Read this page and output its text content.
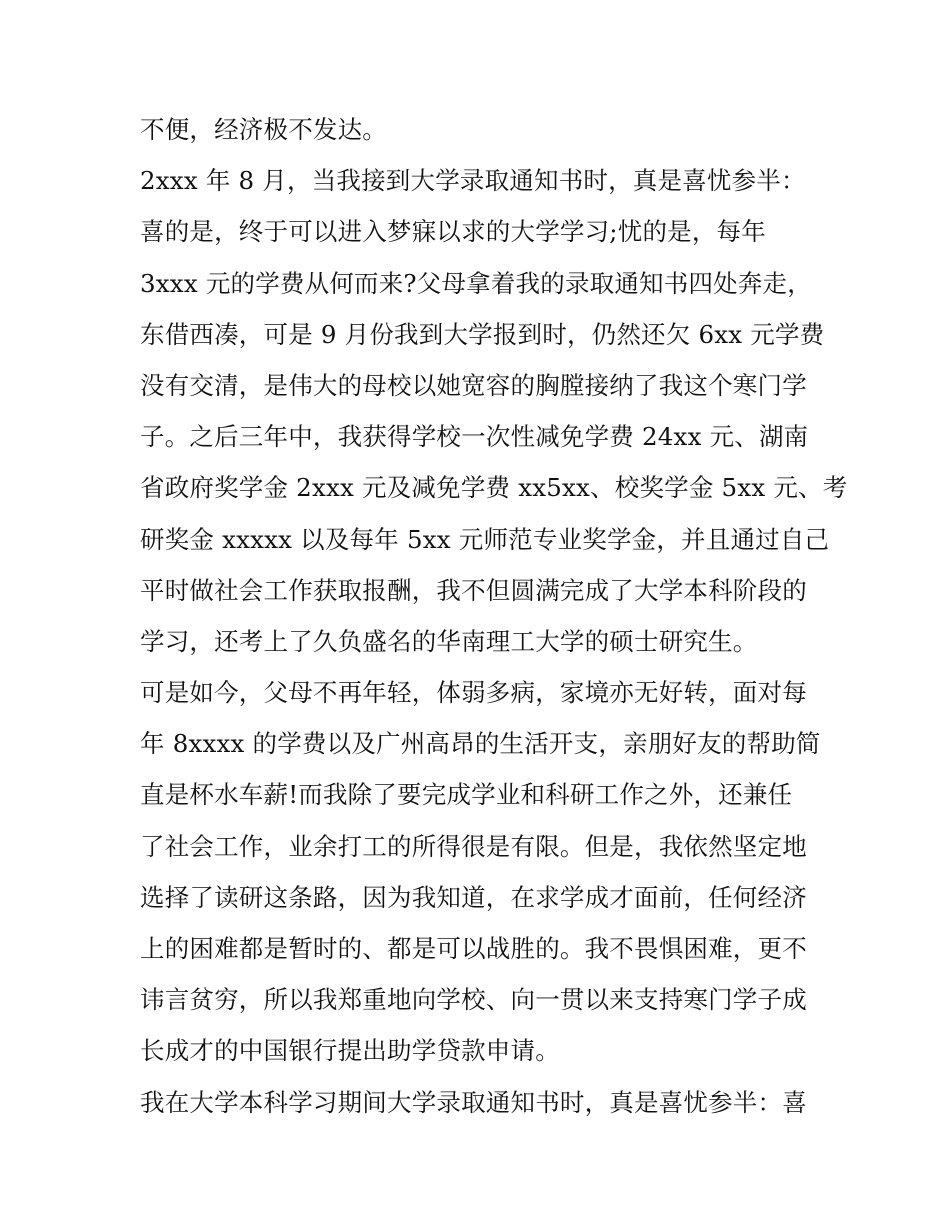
不便，经济极不发达。
2xxx 年 8 月，当我接到大学录取通知书时，真是喜忧参半：
喜的是，终于可以进入梦寐以求的大学学习;忧的是，每年
3xxx 元的学费从何而来?父母拿着我的录取通知书四处奔走，
东借西凑，可是 9 月份我到大学报到时，仍然还欠 6xx 元学费
没有交清，是伟大的母校以她宽容的胸膛接纳了我这个寒门学
子。之后三年中，我获得学校一次性减免学费 24xx 元、湖南
省政府奖学金 2xxx 元及减免学费 xx5xx、校奖学金 5xx 元、考
研奖金 xxxxx 以及每年 5xx 元师范专业奖学金，并且通过自己
平时做社会工作获取报酬，我不但圆满完成了大学本科阶段的
学习，还考上了久负盛名的华南理工大学的硕士研究生。
可是如今，父母不再年轻，体弱多病，家境亦无好转，面对每
年 8xxxx 的学费以及广州高昂的生活开支，亲朋好友的帮助简
直是杯水车薪!而我除了要完成学业和科研工作之外，还兼任
了社会工作，业余打工的所得很是有限。但是，我依然坚定地
选择了读研这条路，因为我知道，在求学成才面前，任何经济
上的困难都是暂时的、都是可以战胜的。我不畏惧困难，更不
讳言贫穷，所以我郑重地向学校、向一贯以来支持寒门学子成
长成才的中国银行提出助学贷款申请。
我在大学本科学习期间大学录取通知书时，真是喜忧参半：喜
